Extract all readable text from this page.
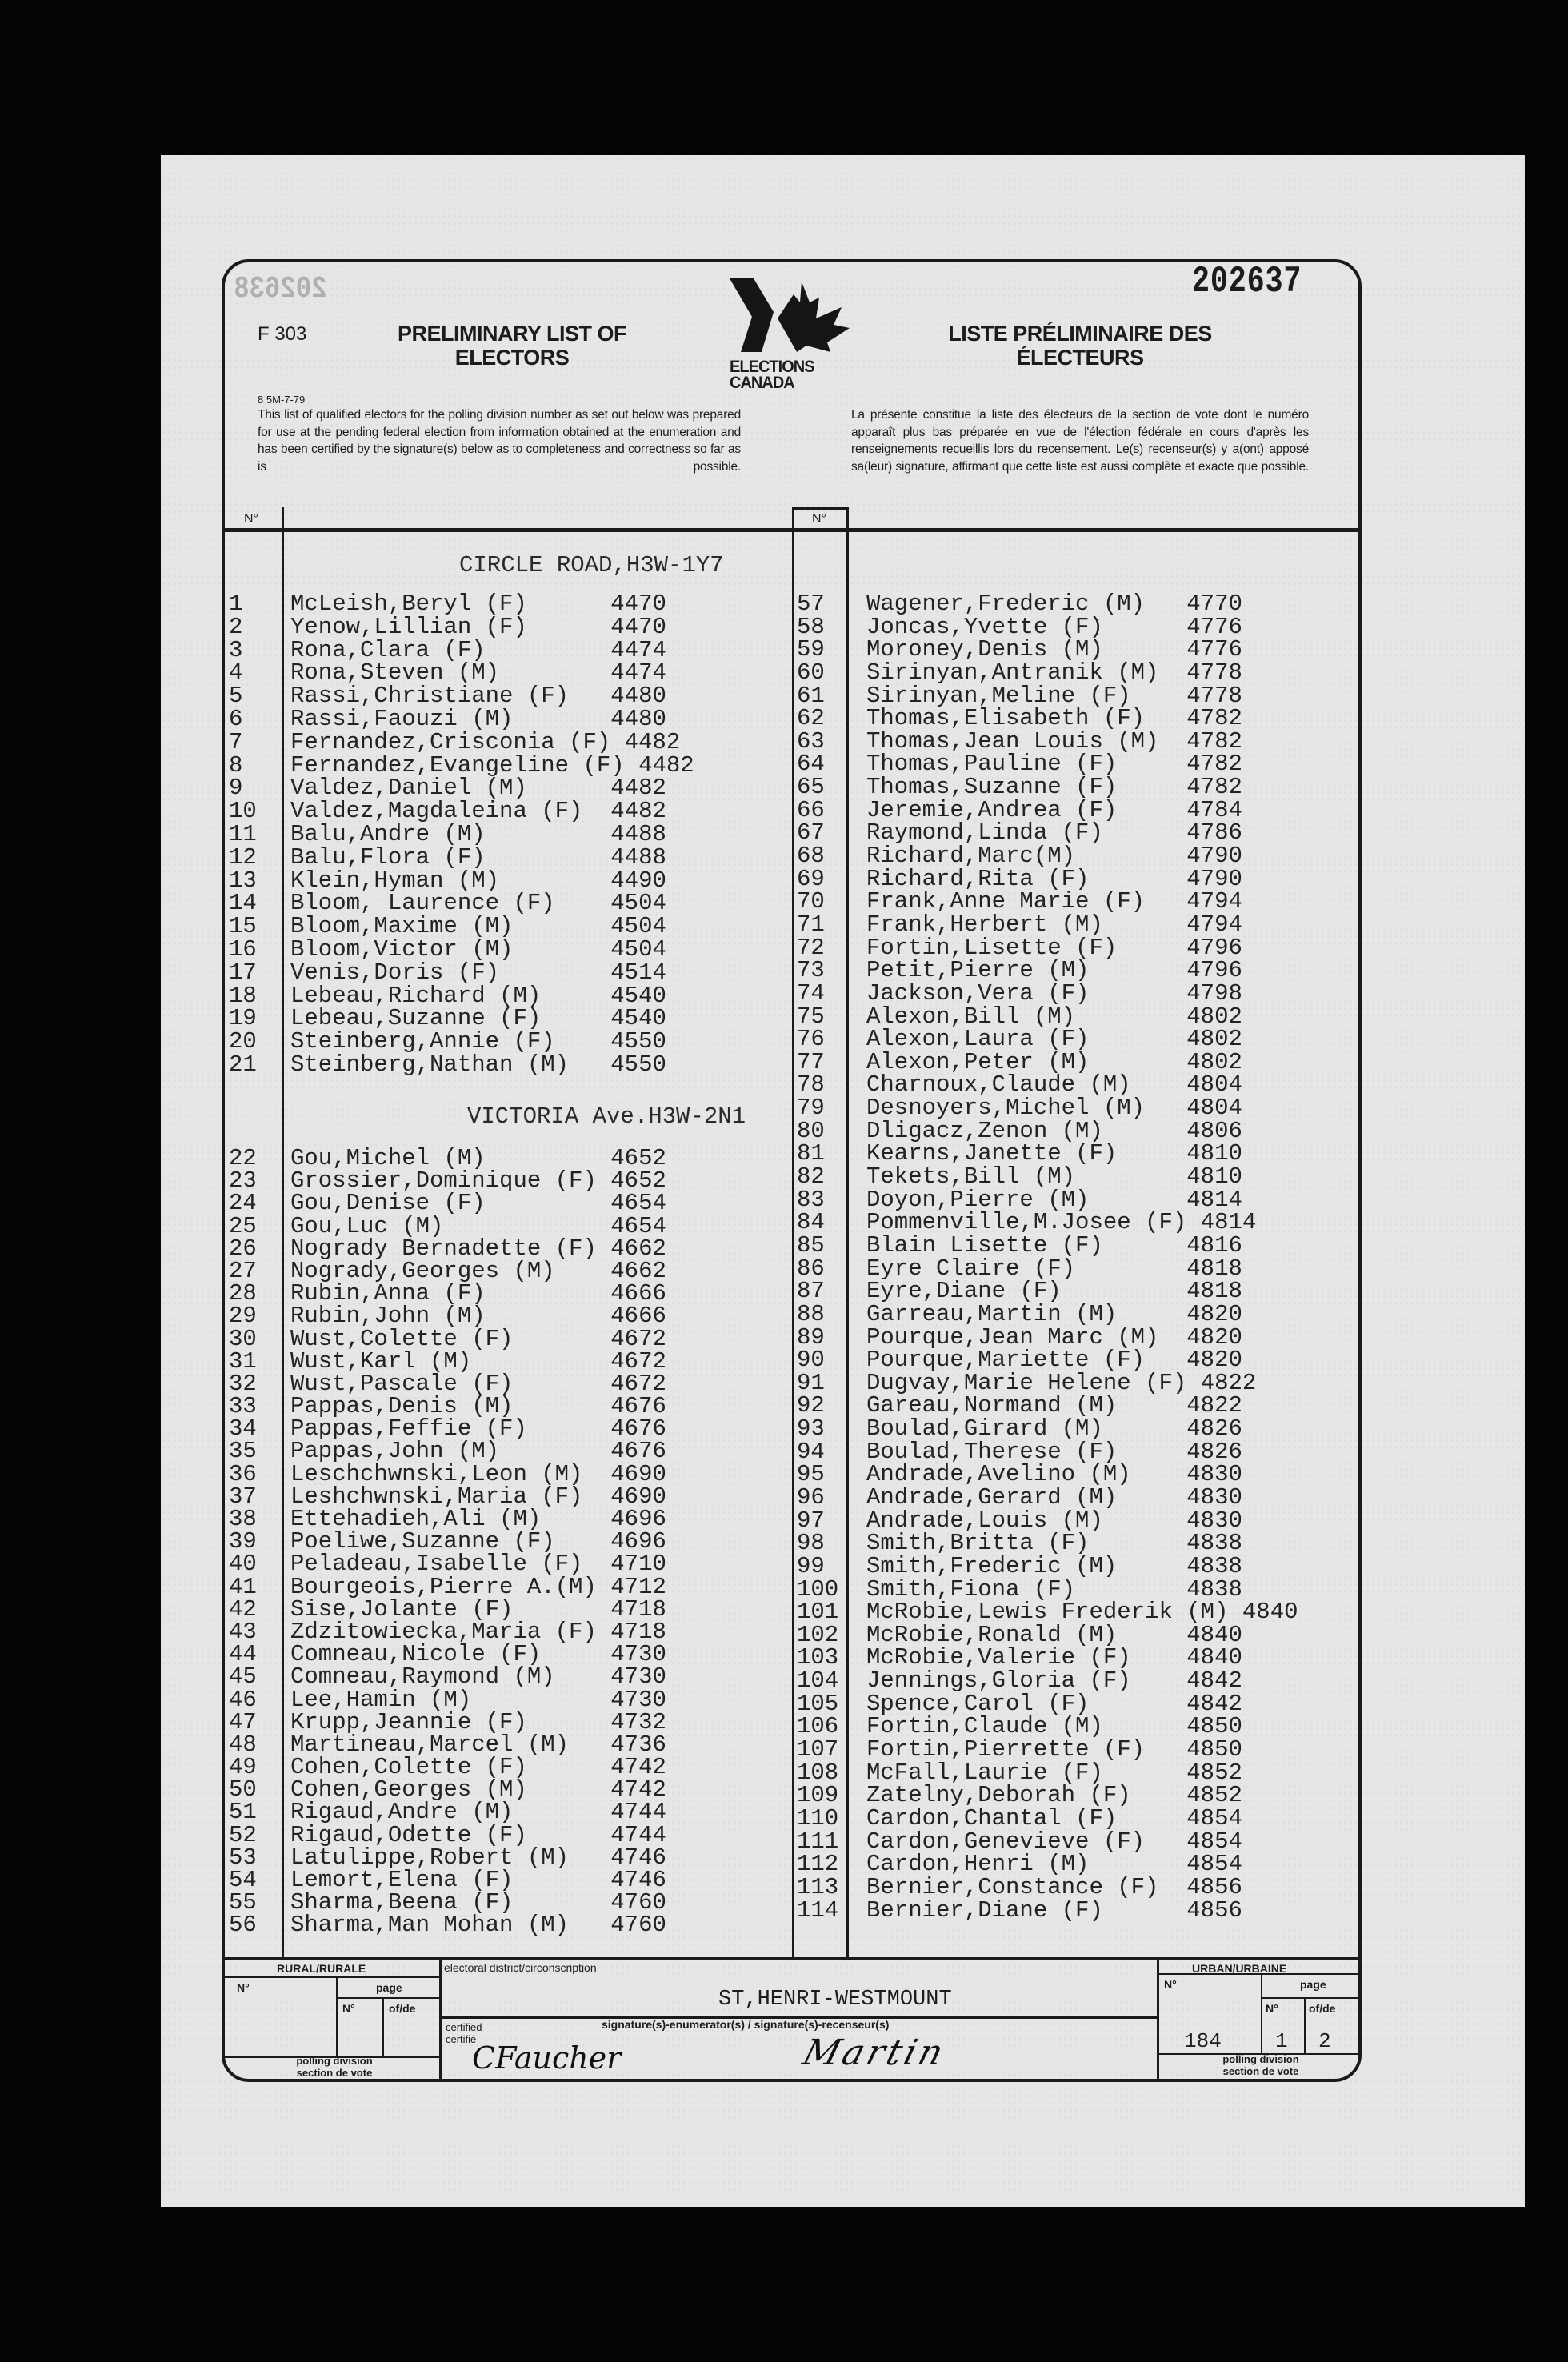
202638	202637
F 303	PRELIMINARY LIST OF
ELECTORS
LISTE PRÉLIMINAIRE DES
ÉLECTEURS
ELECTIONS
CANADA
8 5M-7-79
This list of qualified electors for the polling division number as set out below was prepared for use at the pending federal election from information obtained at the enumeration and has been certified by the signature(s) below as to completeness and correctness so far as is possible.
La présente constitue la liste des électeurs de la section de vote dont le numéro apparaît plus bas préparée en vue de l'élection fédérale en cours d'après les renseignements recueillis lors du recensement. Le(s) recenseur(s) y a(ont) apposé sa(leur) signature, affirmant que cette liste est aussi complète et exacte que possible.
N°	N°
CIRCLE ROAD,H3W-1Y7
1 McLeish,Beryl (F)	4470
2 Yenow,Lillian (F)	4470
3 Rona,Clara (F)	4474
4 Rona,Steven (M)	4474
5 Rassi,Christiane (F) 4480
6 Rassi,Faouzi (M)	4480
7 Fernandez,Crisconia (F) 4482
8 Fernandez,Evangeline (F) 4482
9 Valdez,Daniel (M)	4482
10 Valdez,Magdaleina (F) 4482
11 Balu,Andre (M)	4488
12 Balu,Flora (F)	4488
13 Klein,Hyman (M)	4490
14 Bloom, Laurence (F) 4504
15 Bloom,Maxime (M)	4504
16 Bloom,Victor (M)	4504
17 Venis,Doris (F)	4514
18 Lebeau,Richard (M)	4540
19 Lebeau,Suzanne (F)	4540
20 Steinberg,Annie (F) 4550
21 Steinberg,Nathan (M) 4550
VICTORIA Ave.H3W-2N1
22 Gou,Michel (M)	4652
23 Grossier,Dominique (F) 4652
24 Gou,Denise (F)	4654
25 Gou,Luc (M)	4654
26 Nogrady Bernadette (F) 4662
27 Nogrady,Georges (M) 4662
28 Rubin,Anna (F)	4666
29 Rubin,John (M)	4666
30 Wust,Colette (F)	4672
31 Wust,Karl (M)	4672
32 Wust,Pascale (F)	4672
33 Pappas,Denis (M)	4676
34 Pappas,Feffie (F)	4676
35 Pappas,John (M)	4676
36 Leschchwnski,Leon (M) 4690
37 Leshchwnski,Maria (F) 4690
38 Ettehadieh,Ali (M)	4696
39 Poeliwe,Suzanne (F) 4696
40 Peladeau,Isabelle (F) 4710
41 Bourgeois,Pierre A.(M) 4712
42 Sise,Jolante (F)	4718
43 Zdzitowiecka,Maria (F) 4718
44 Comneau,Nicole (F)	4730
45 Comneau,Raymond (M) 4730
46 Lee,Hamin (M)	4730
47 Krupp,Jeannie (F)	4732
48 Martineau,Marcel (M) 4736
49 Cohen,Colette (F)	4742
50 Cohen,Georges (M)	4742
51 Rigaud,Andre (M)	4744
52 Rigaud,Odette (F)	4744
53 Latulippe,Robert (M) 4746
54 Lemort,Elena (F)	4746
55 Sharma,Beena (F)	4760
56 Sharma,Man Mohan (M) 4760
57 Wagener,Frederic (M) 4770
58 Joncas,Yvette (F)	4776
59 Moroney,Denis (M)	4776
60 Sirinyan,Antranik (M) 4778
61 Sirinyan,Meline (F) 4778
62 Thomas,Elisabeth (F) 4782
63 Thomas,Jean Louis (M) 4782
64 Thomas,Pauline (F)	4782
65 Thomas,Suzanne (F)	4782
66 Jeremie,Andrea (F)	4784
67 Raymond,Linda (F)	4786
68 Richard,Marc(M)	4790
69 Richard,Rita (F)	4790
70 Frank,Anne Marie (F) 4794
71 Frank,Herbert (M)	4794
72 Fortin,Lisette (F)	4796
73 Petit,Pierre (M)	4796
74 Jackson,Vera (F)	4798
75 Alexon,Bill (M)	4802
76 Alexon,Laura (F)	4802
77 Alexon,Peter (M)	4802
78 Charnoux,Claude (M) 4804
79 Desnoyers,Michel (M) 4804
80 Dligacz,Zenon (M)	4806
81 Kearns,Janette (F)	4810
82 Tekets,Bill (M)	4810
83 Doyon,Pierre (M)	4814
84 Pommenville,M.Josee (F) 4814
85 Blain Lisette (F)	4816
86 Eyre Claire (F)	4818
87 Eyre,Diane (F)	4818
88 Garreau,Martin (M)	4820
89 Pourque,Jean Marc (M) 4820
90 Pourque,Mariette (F) 4820
91 Dugvay,Marie Helene (F) 4822
92 Gareau,Normand (M)	4822
93 Boulad,Girard (M)	4826
94 Boulad,Therese (F)	4826
95 Andrade,Avelino (M) 4830
96 Andrade,Gerard (M)	4830
97 Andrade,Louis (M)	4830
98 Smith,Britta (F)	4838
99 Smith,Frederic (M)	4838
100 Smith,Fiona (F)	4838
101 McRobie,Lewis Frederik (M) 4840
102 McRobie,Ronald (M)	4840
103 McRobie,Valerie (F) 4840
104 Jennings,Gloria (F) 4842
105 Spence,Carol (F)	4842
106 Fortin,Claude (M)	4850
107 Fortin,Pierrette (F) 4850
108 McFall,Laurie (F)	4852
109 Zatelny,Deborah (F) 4852
110 Cardon,Chantal (F)	4854
111 Cardon,Genevieve (F) 4854
112 Cardon,Henri (M)	4854
113 Bernier,Constance (F) 4856
114 Bernier,Diane (F)	4856
RURAL/RURALE
N°	page
N°	of/de
polling division
section de vote
electoral district/circonscription
ST,HENRI-WESTMOUNT
certified
certifié
signature(s)-enumerator(s) / signature(s)-recenseur(s)
CFaucher	Martin
URBAN/URBAINE
N°	page
N°	of/de
184	1 2
polling division
section de vote
